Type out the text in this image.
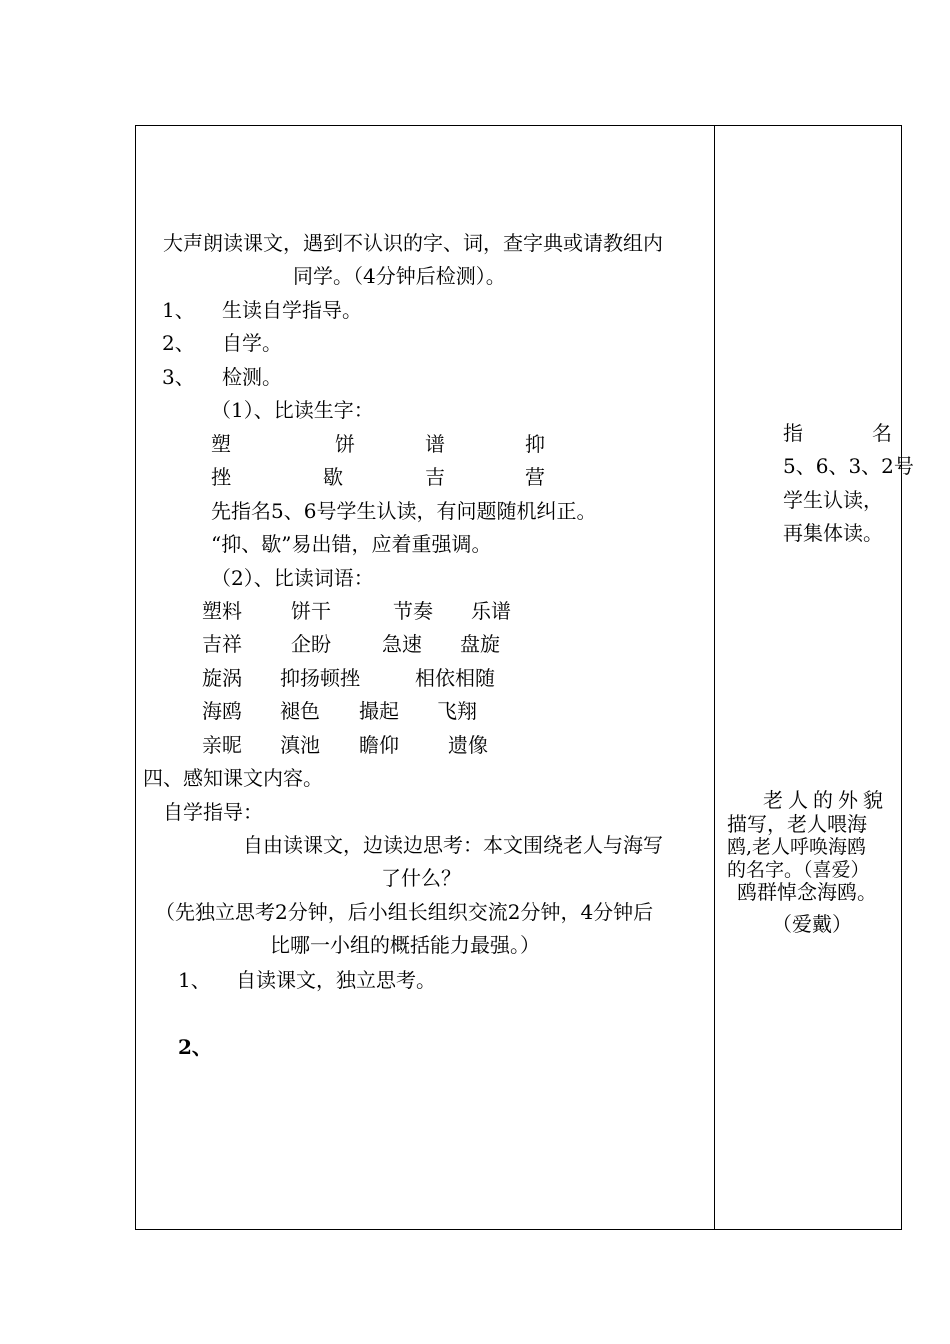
大声朗读课文，遇到不认识的字、词，查字典或请教组内
同学。（4分钟后检测）。
1、 生读自学指导。
2、 自学。
3、 检测。
（1）、比读生字：
塑	饼	谱	抑
挫	歇	吉	营
先指名5、6号学生认读，有问题随机纠正。
“抑、歇”易出错，应着重强调。
（2）、比读词语：
塑料 饼干	节奏 乐谱
吉祥 企盼	急速 盘旋
旋涡 抑扬顿挫	相依相随
海鸥 褪色 撮起 飞翔
亲昵 滇池 瞻仰 遗像
四、感知课文内容。
自学指导：
自由读课文，边读边思考：本文围绕老人与海写
了什么？
（先独立思考2分钟，后小组长组织交流2分钟，4分钟后
比哪一小组的概括能力最强。）
1、 自读课文，独立思考。
2、
指	名
5、6、3、2号
学生认读，
再集体读。
老人的外貌
描写，老人喂海
鸥,老人呼唤海鸥
的名字。（喜爱）
鸥群悼念海鸥。
（爱戴）
